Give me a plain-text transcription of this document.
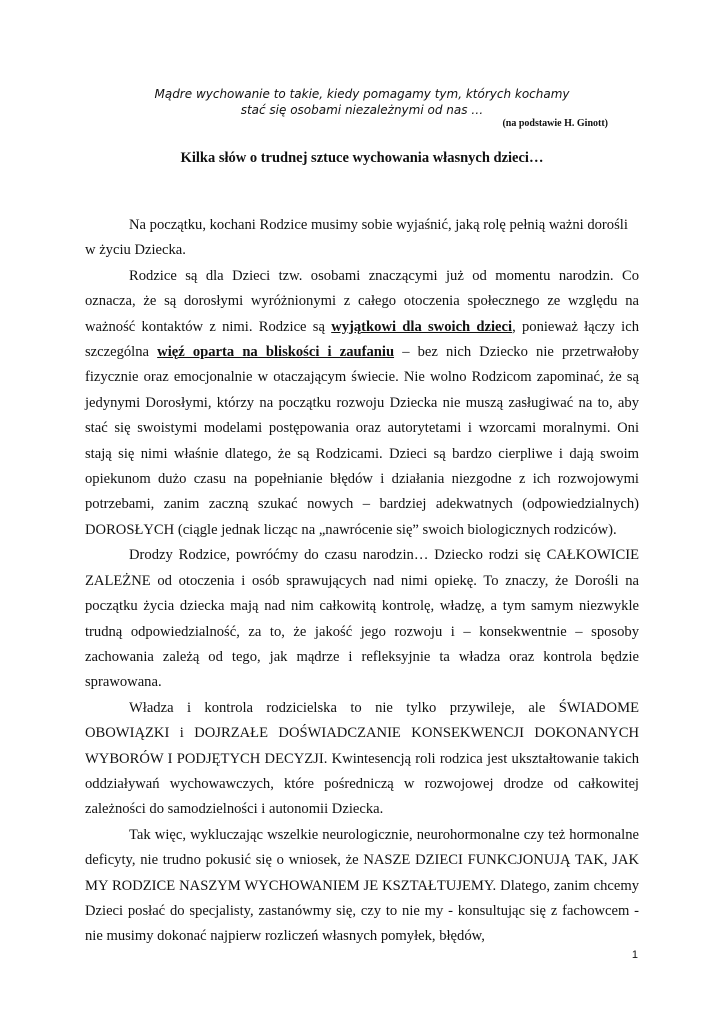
Mądre wychowanie to takie, kiedy pomagamy tym, których kochamy
stać się osobami niezależnymi od nas …
(na podstawie H. Ginott)
Kilka słów o trudnej sztuce wychowania własnych dzieci…

Na początku, kochani Rodzice musimy sobie wyjaśnić, jaką rolę pełnią ważni dorośli w życiu Dziecka.

Rodzice są dla Dzieci tzw. osobami znaczącymi już od momentu narodzin. Co oznacza, że są dorosłymi wyróżnionymi z całego otoczenia społecznego ze względu na ważność kontaktów z nimi. Rodzice są wyjątkowi dla swoich dzieci, ponieważ łączy ich szczególna więź oparta na bliskości i zaufaniu – bez nich Dziecko nie przetrwałoby fizycznie oraz emocjonalnie w otaczającym świecie. Nie wolno Rodzicom zapominać, że są jedynymi Dorosłymi, którzy na początku rozwoju Dziecka nie muszą zasługiwać na to, aby stać się swoistymi modelami postępowania oraz autorytetami i wzorcami moralnymi. Oni stają się nimi właśnie dlatego, że są Rodzicami. Dzieci są bardzo cierpliwe i dają swoim opiekunom dużo czasu na popełnianie błędów i działania niezgodne z ich rozwojowymi potrzebami, zanim zaczną szukać nowych – bardziej adekwatnych (odpowiedzialnych) DOROSŁYCH (ciągle jednak licząc na „nawrócenie się” swoich biologicznych rodziców).

Drodzy Rodzice, powróćmy do czasu narodzin… Dziecko rodzi się CAŁKOWICIE ZALEŻNE od otoczenia i osób sprawujących nad nimi opiekę. To znaczy, że Dorośli na początku życia dziecka mają nad nim całkowitą kontrolę, władzę, a tym samym niezwykle trudną odpowiedzialność, za to, że jakość jego rozwoju i – konsekwentnie – sposoby zachowania zależą od tego, jak mądrze i refleksyjnie ta władza oraz kontrola będzie sprawowana.

Władza i kontrola rodzicielska to nie tylko przywileje, ale ŚWIADOME OBOWIĄZKI i DOJRZAŁE DOŚWIADCZANIE KONSEKWENCJI DOKONANYCH WYBORÓW I PODJĘTYCH DECYZJI. Kwintesencją roli rodzica jest ukształtowanie takich oddziaływań wychowawczych, które pośredniczą w rozwojowej drodze od całkowitej zależności do samodzielności i autonomii Dziecka.

Tak więc, wykluczając wszelkie neurologicznie, neurohormonalne czy też hormonalne deficyty, nie trudno pokusić się o wniosek, że NASZE DZIECI FUNKCJONUJĄ TAK, JAK MY RODZICE NASZYM WYCHOWANIEM JE KSZTAŁTUJEMY. Dlatego, zanim chcemy Dzieci posłać do specjalisty, zastanówmy się, czy to nie my - konsultując się z fachowcem - nie musimy dokonać najpierw rozliczeń własnych pomyłek, błędów,

1
